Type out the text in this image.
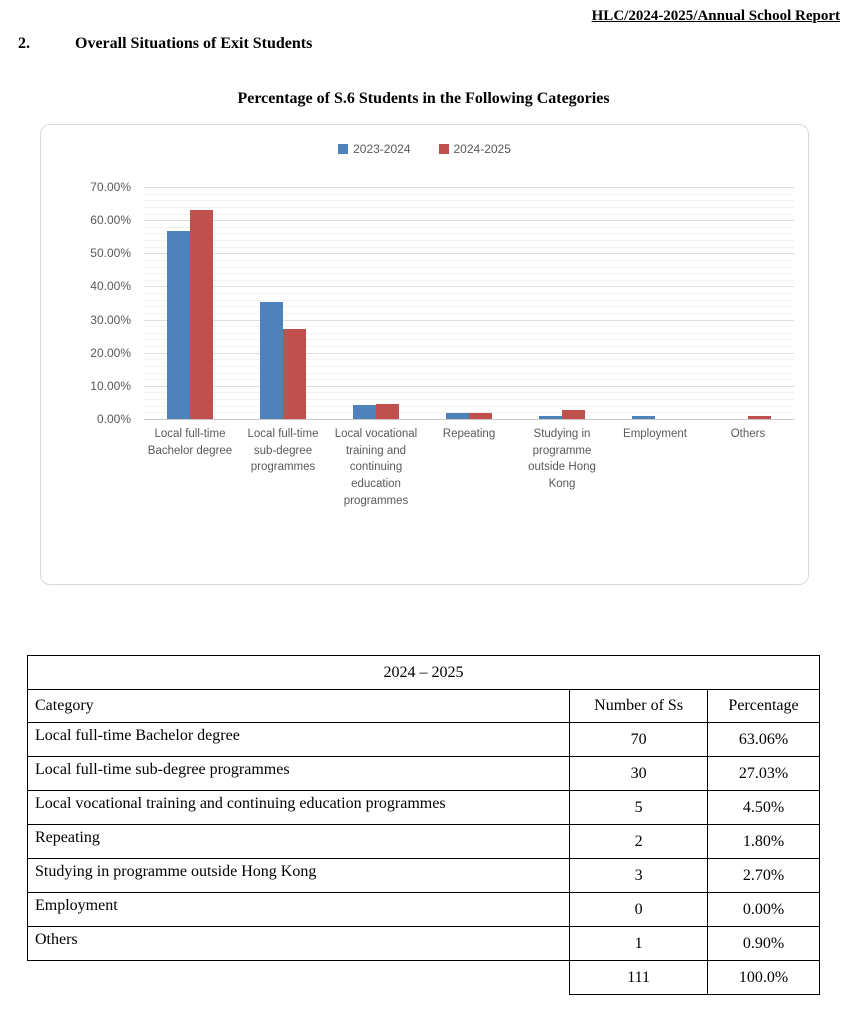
HLC/2024-2025/Annual School Report
2.	Overall Situations of Exit Students
Percentage of S.6 Students in the Following Categories
2023-2024	2024-2025
0.00%
10.00%
20.00%
30.00%
40.00%
50.00%
60.00%
70.00%
Local full-time Bachelor degree
Local full-time sub-degree programmes
Local vocational training and continuing education programmes
Repeating	Studying in programme outside Hong Kong
Employment	Others
2024 – 2025		
Category	Number of Ss	Percentage
Local full-time Bachelor degree	70	63.06%
Local full-time sub-degree programmes	30	27.03%
Local vocational training and continuing education programmes	5	4.50%
Repeating	2	1.80%
Studying in programme outside Hong Kong	3	2.70%
Employment	0	0.00%
Others	1	0.90%
	111	100.0%
